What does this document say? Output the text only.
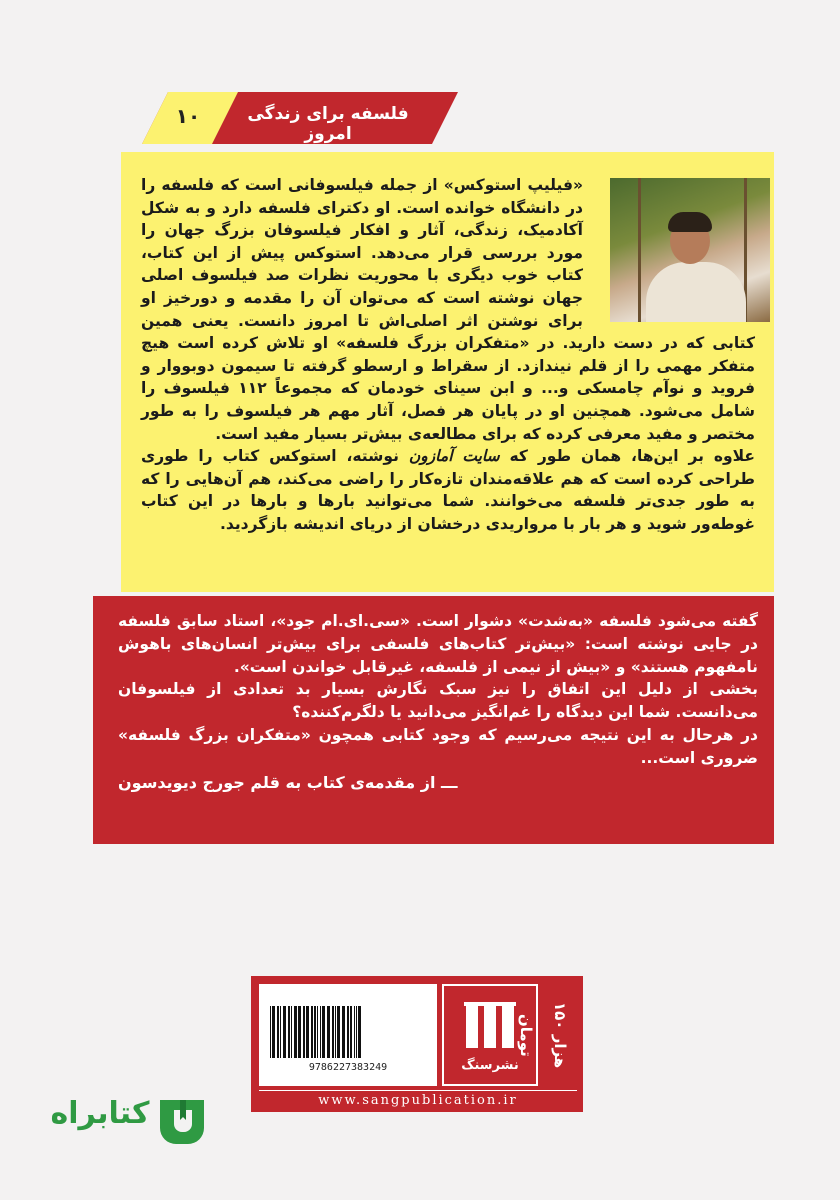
۱۰	فلسفه برای زندگی امروز

«فیلیپ استوکس» از جمله فیلسوفانی است که فلسفه را در دانشگاه خوانده است. او دکترای فلسفه دارد و به شکل آکادمیک، زندگی، آثار و افکار فیلسوفان بزرگ جهان را مورد بررسی قرار می‌دهد. استوکس پیش از این کتاب، کتاب خوب دیگری با محوریت نظرات صد فیلسوف اصلی جهان نوشته است که می‌توان آن را مقدمه و دورخیز او برای نوشتن اثر اصلی‌اش تا امروز دانست. یعنی همین کتابی که در دست دارید. در «متفکران بزرگ فلسفه» او تلاش کرده است هیچ متفکر مهمی را از قلم نیندازد. از سقراط و ارسطو گرفته تا سیمون دوبووار و فروید و نوآم چامسکی و... و ابن سینای خودمان که مجموعاً ۱۱۲ فیلسوف را شامل می‌شود. همچنین او در پایان هر فصل، آثار مهم هر فیلسوف را به طور مختصر و مفید معرفی کرده که برای مطالعه‌ی بیش‌تر بسیار مفید است.

علاوه بر این‌ها، همان طور که سایت آمازون نوشته، استوکس کتاب را طوری طراحی کرده است که هم علاقه‌مندان تازه‌کار را راضی می‌کند، هم آن‌هایی را که به طور جدی‌تر فلسفه می‌خوانند. شما می‌توانید بارها و بارها در این کتاب غوطه‌ور شوید و هر بار با مرواریدی درخشان از دریای اندیشه بازگردید.

گفته می‌شود فلسفه «به‌شدت» دشوار است. «سی.ای.ام جود»، استاد سابق فلسفه در جایی نوشته است: «بیش‌تر کتاب‌های فلسفی برای بیش‌تر انسان‌های باهوش نامفهوم هستند» و «بیش از نیمی از فلسفه، غیرقابل خواندن است».

بخشی از دلیل این اتفاق را نیز سبک نگارش بسیار بد تعدادی از فیلسوفان می‌دانست. شما این دیدگاه را غم‌انگیز می‌دانید یا دلگرم‌کننده؟

در هرحال به این نتیجه می‌رسیم که وجود کتابی همچون «متفکران بزرگ فلسفه» ضروری است...

ـــ از مقدمه‌ی کتاب به قلم جورج دیویدسون

9786227383249	نشرسنگ
۱۵۰ هزار تومان
www.sangpublication.ir
کتابراه
